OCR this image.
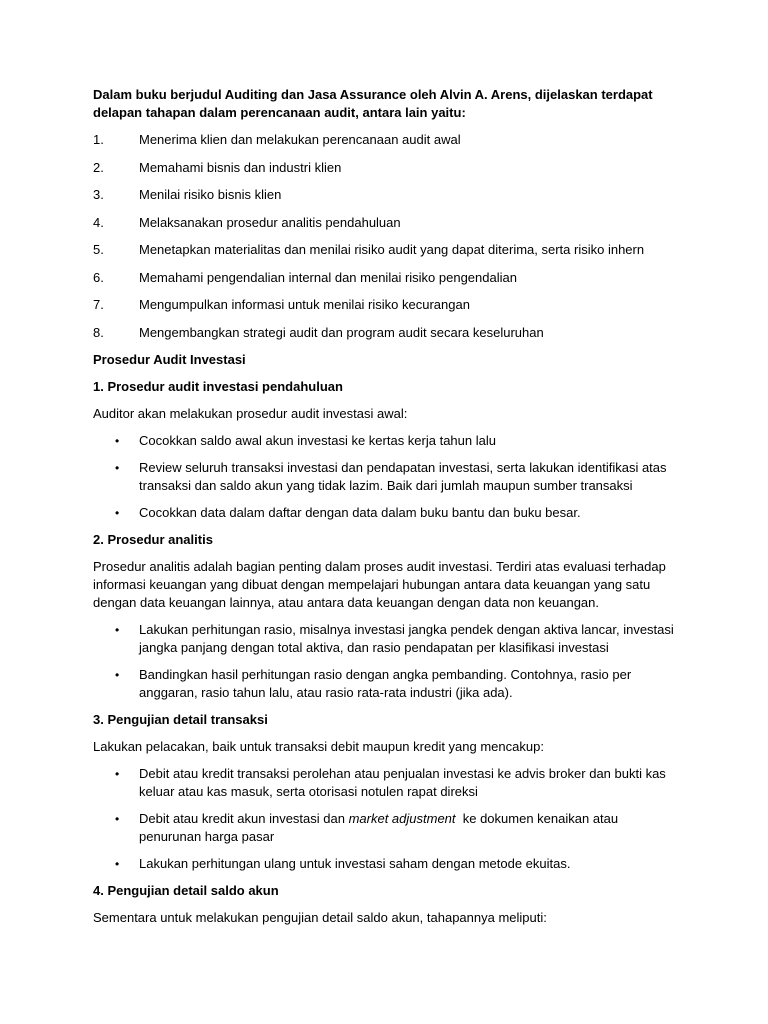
Dalam buku berjudul Auditing dan Jasa Assurance oleh Alvin A. Arens, dijelaskan terdapat delapan tahapan dalam perencanaan audit, antara lain yaitu:

1.	Menerima klien dan melakukan perencanaan audit awal
2.	Memahami bisnis dan industri klien
3.	Menilai risiko bisnis klien
4.	Melaksanakan prosedur analitis pendahuluan
5.	Menetapkan materialitas dan menilai risiko audit yang dapat diterima, serta risiko inhern
6.	Memahami pengendalian internal dan menilai risiko pengendalian
7.	Mengumpulkan informasi untuk menilai risiko kecurangan
8.	Mengembangkan strategi audit dan program audit secara keseluruhan

Prosedur Audit Investasi

1. Prosedur audit investasi pendahuluan

Auditor akan melakukan prosedur audit investasi awal:

•	Cocokkan saldo awal akun investasi ke kertas kerja tahun lalu
•	Review seluruh transaksi investasi dan pendapatan investasi, serta lakukan identifikasi atas transaksi dan saldo akun yang tidak lazim. Baik dari jumlah maupun sumber transaksi
•	Cocokkan data dalam daftar dengan data dalam buku bantu dan buku besar.

2. Prosedur analitis

Prosedur analitis adalah bagian penting dalam proses audit investasi. Terdiri atas evaluasi terhadap informasi keuangan yang dibuat dengan mempelajari hubungan antara data keuangan yang satu dengan data keuangan lainnya, atau antara data keuangan dengan data non keuangan.

•	Lakukan perhitungan rasio, misalnya investasi jangka pendek dengan aktiva lancar, investasi jangka panjang dengan total aktiva, dan rasio pendapatan per klasifikasi investasi
•	Bandingkan hasil perhitungan rasio dengan angka pembanding. Contohnya, rasio per anggaran, rasio tahun lalu, atau rasio rata-rata industri (jika ada).

3. Pengujian detail transaksi

Lakukan pelacakan, baik untuk transaksi debit maupun kredit yang mencakup:

•	Debit atau kredit transaksi perolehan atau penjualan investasi ke advis broker dan bukti kas keluar atau kas masuk, serta otorisasi notulen rapat direksi
•	Debit atau kredit akun investasi dan market adjustment  ke dokumen kenaikan atau penurunan harga pasar
•	Lakukan perhitungan ulang untuk investasi saham dengan metode ekuitas.

4. Pengujian detail saldo akun

Sementara untuk melakukan pengujian detail saldo akun, tahapannya meliputi:
